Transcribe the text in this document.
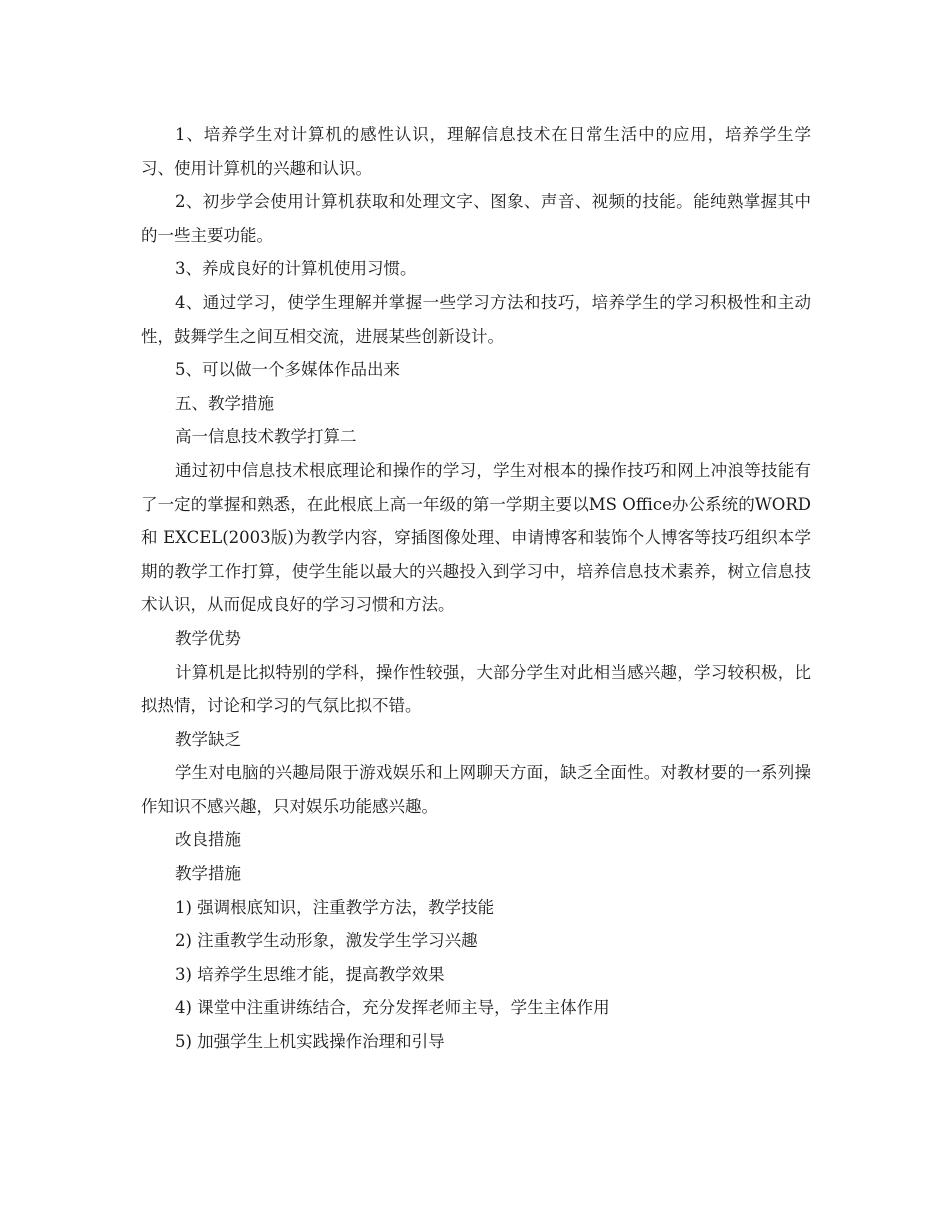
1、培养学生对计算机的感性认识，理解信息技术在日常生活中的应用，培养学生学习、使用计算机的兴趣和认识。

2、初步学会使用计算机获取和处理文字、图象、声音、视频的技能。能纯熟掌握其中的一些主要功能。

3、养成良好的计算机使用习惯。

4、通过学习，使学生理解并掌握一些学习方法和技巧，培养学生的学习积极性和主动性，鼓舞学生之间互相交流，进展某些创新设计。

5、可以做一个多媒体作品出来

五、教学措施

高一信息技术教学打算二

通过初中信息技术根底理论和操作的学习，学生对根本的操作技巧和网上冲浪等技能有了一定的掌握和熟悉，在此根底上高一年级的第一学期主要以MS Office办公系统的WORD 和 EXCEL(2003版)为教学内容，穿插图像处理、申请博客和装饰个人博客等技巧组织本学期的教学工作打算，使学生能以最大的兴趣投入到学习中，培养信息技术素养，树立信息技术认识，从而促成良好的学习习惯和方法。

教学优势

计算机是比拟特别的学科，操作性较强，大部分学生对此相当感兴趣，学习较积极，比拟热情，讨论和学习的气氛比拟不错。

教学缺乏

学生对电脑的兴趣局限于游戏娱乐和上网聊天方面，缺乏全面性。对教材要的一系列操作知识不感兴趣，只对娱乐功能感兴趣。

改良措施

教学措施

1) 强调根底知识，注重教学方法，教学技能

2) 注重教学生动形象，激发学生学习兴趣

3) 培养学生思维才能，提高教学效果

4) 课堂中注重讲练结合，充分发挥老师主导，学生主体作用

5) 加强学生上机实践操作治理和引导
